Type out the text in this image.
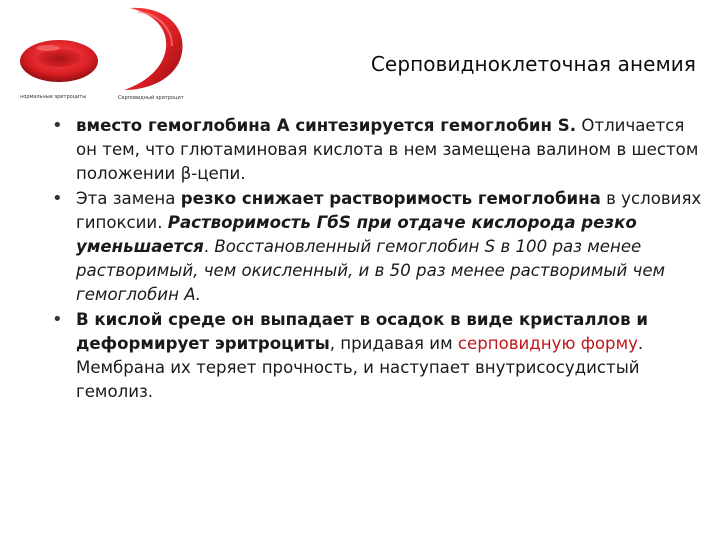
нормальные эритроциты	Серповидный эритроцит
Серповидноклеточная анемия
• вместо гемоглобина А синтезируется гемоглобин S. Отличается он тем, что глютаминовая кислота в нем замещена валином в шестом положении β-цепи.
• Эта замена резко снижает растворимость гемоглобина в условиях гипоксии. Растворимость ГбS при отдаче кислорода резко уменьшается. Восстановленный гемоглобин S в 100 раз менее растворимый, чем окисленный, и в 50 раз менее растворимый чем гемоглобин А.
• В кислой среде он выпадает в осадок в виде кристаллов и деформирует эритроциты, придавая им серповидную форму. Мембрана их теряет прочность, и наступает внутрисосудистый гемолиз.
